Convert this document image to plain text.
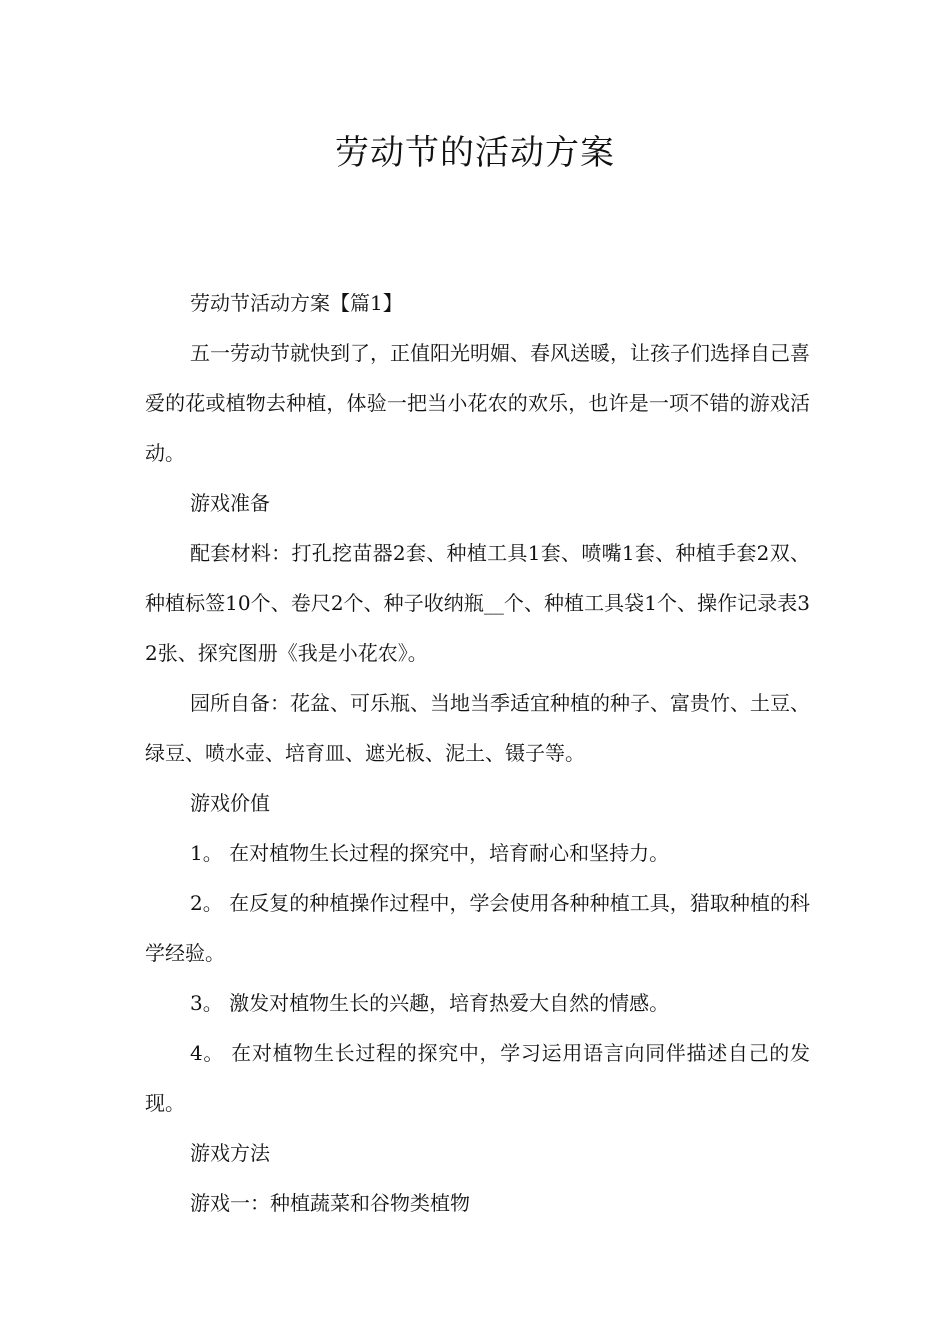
劳动节的活动方案

劳动节活动方案【篇1】

五一劳动节就快到了，正值阳光明媚、春风送暖，让孩子们选择自己喜爱的花或植物去种植，体验一把当小花农的欢乐，也许是一项不错的游戏活动。

游戏准备

配套材料：打孔挖苗器2套、种植工具1套、喷嘴1套、种植手套2双、种植标签10个、卷尺2个、种子收纳瓶__个、种植工具袋1个、操作记录表32张、探究图册《我是小花农》。

园所自备：花盆、可乐瓶、当地当季适宜种植的种子、富贵竹、土豆、绿豆、喷水壶、培育皿、遮光板、泥土、镊子等。

游戏价值

1。 在对植物生长过程的探究中，培育耐心和坚持力。

2。 在反复的种植操作过程中，学会使用各种种植工具，猎取种植的科学经验。

3。 激发对植物生长的兴趣，培育热爱大自然的情感。

4。 在对植物生长过程的探究中，学习运用语言向同伴描述自己的发现。

游戏方法

游戏一：种植蔬菜和谷物类植物
